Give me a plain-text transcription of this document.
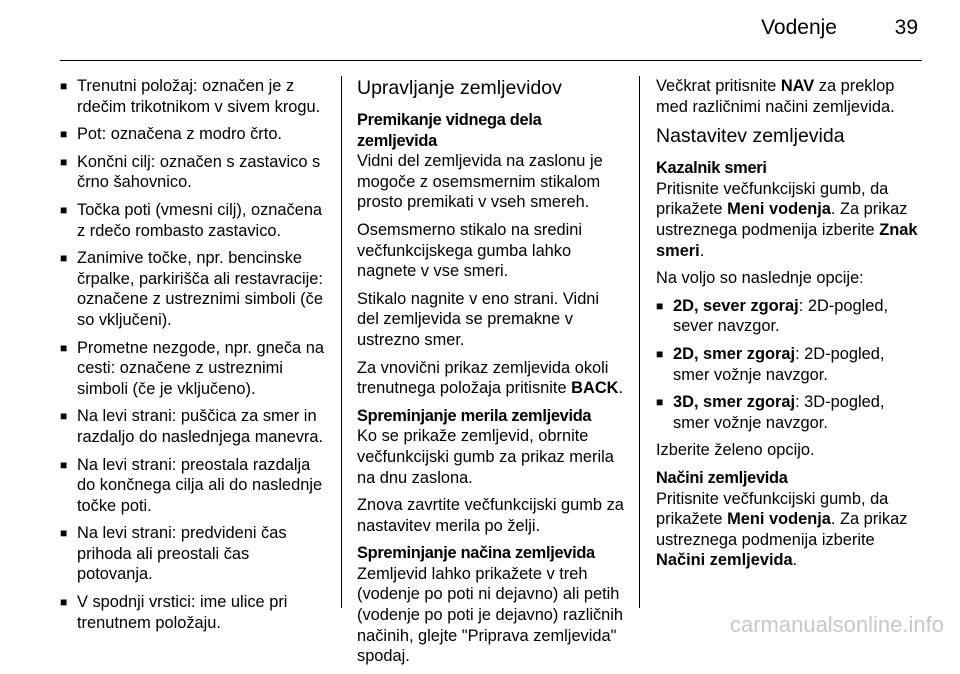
Vodenje	39
■ Trenutni položaj: označen je z rdečim trikotnikom v sivem krogu.
■ Pot: označena z modro črto.
■ Končni cilj: označen s zastavico s črno šahovnico.
■ Točka poti (vmesni cilj), označena z rdečo rombasto zastavico.
■ Zanimive točke, npr. bencinske črpalke, parkirišča ali restavracije: označene z ustreznimi simboli (če so vključeni).
■ Prometne nezgode, npr. gneča na cesti: označene z ustreznimi simboli (če je vključeno).
■ Na levi strani: puščica za smer in razdaljo do naslednjega manevra.
■ Na levi strani: preostala razdalja do končnega cilja ali do naslednje točke poti.
■ Na levi strani: predvideni čas prihoda ali preostali čas potovanja.
■ V spodnji vrstici: ime ulice pri trenutnem položaju.
Upravljanje zemljevidov
Premikanje vidnega dela zemljevida

Vidni del zemljevida na zaslonu je mogoče z osemsmernim stikalom prosto premikati v vseh smereh.

Osemsmerno stikalo na sredini večfunkcijskega gumba lahko nagnete v vse smeri.

Stikalo nagnite v eno strani. Vidni del zemljevida se premakne v ustrezno smer.

Za vnovični prikaz zemljevida okoli trenutnega položaja pritisnite BACK.

Spreminjanje merila zemljevida

Ko se prikaže zemljevid, obrnite večfunkcijski gumb za prikaz merila na dnu zaslona.

Znova zavrtite večfunkcijski gumb za nastavitev merila po želji.

Spreminjanje načina zemljevida

Zemljevid lahko prikažete v treh (vodenje po poti ni dejavno) ali petih (vodenje po poti je dejavno) različnih načinih, glejte "Priprava zemljevida" spodaj.

Večkrat pritisnite NAV za preklop med različnimi načini zemljevida.

Nastavitev zemljevida
Kazalnik smeri

Pritisnite večfunkcijski gumb, da prikažete Meni vodenja. Za prikaz ustreznega podmenija izberite Znak smeri.

Na voljo so naslednje opcije:

■ 2D, sever zgoraj: 2D-pogled, sever navzgor.
■ 2D, smer zgoraj: 2D-pogled, smer vožnje navzgor.
■ 3D, smer zgoraj: 3D-pogled, smer vožnje navzgor.

Izberite želeno opcijo.

Načini zemljevida

Pritisnite večfunkcijski gumb, da prikažete Meni vodenja. Za prikaz ustreznega podmenija izberite Načini zemljevida.

carmanualsonline.info
